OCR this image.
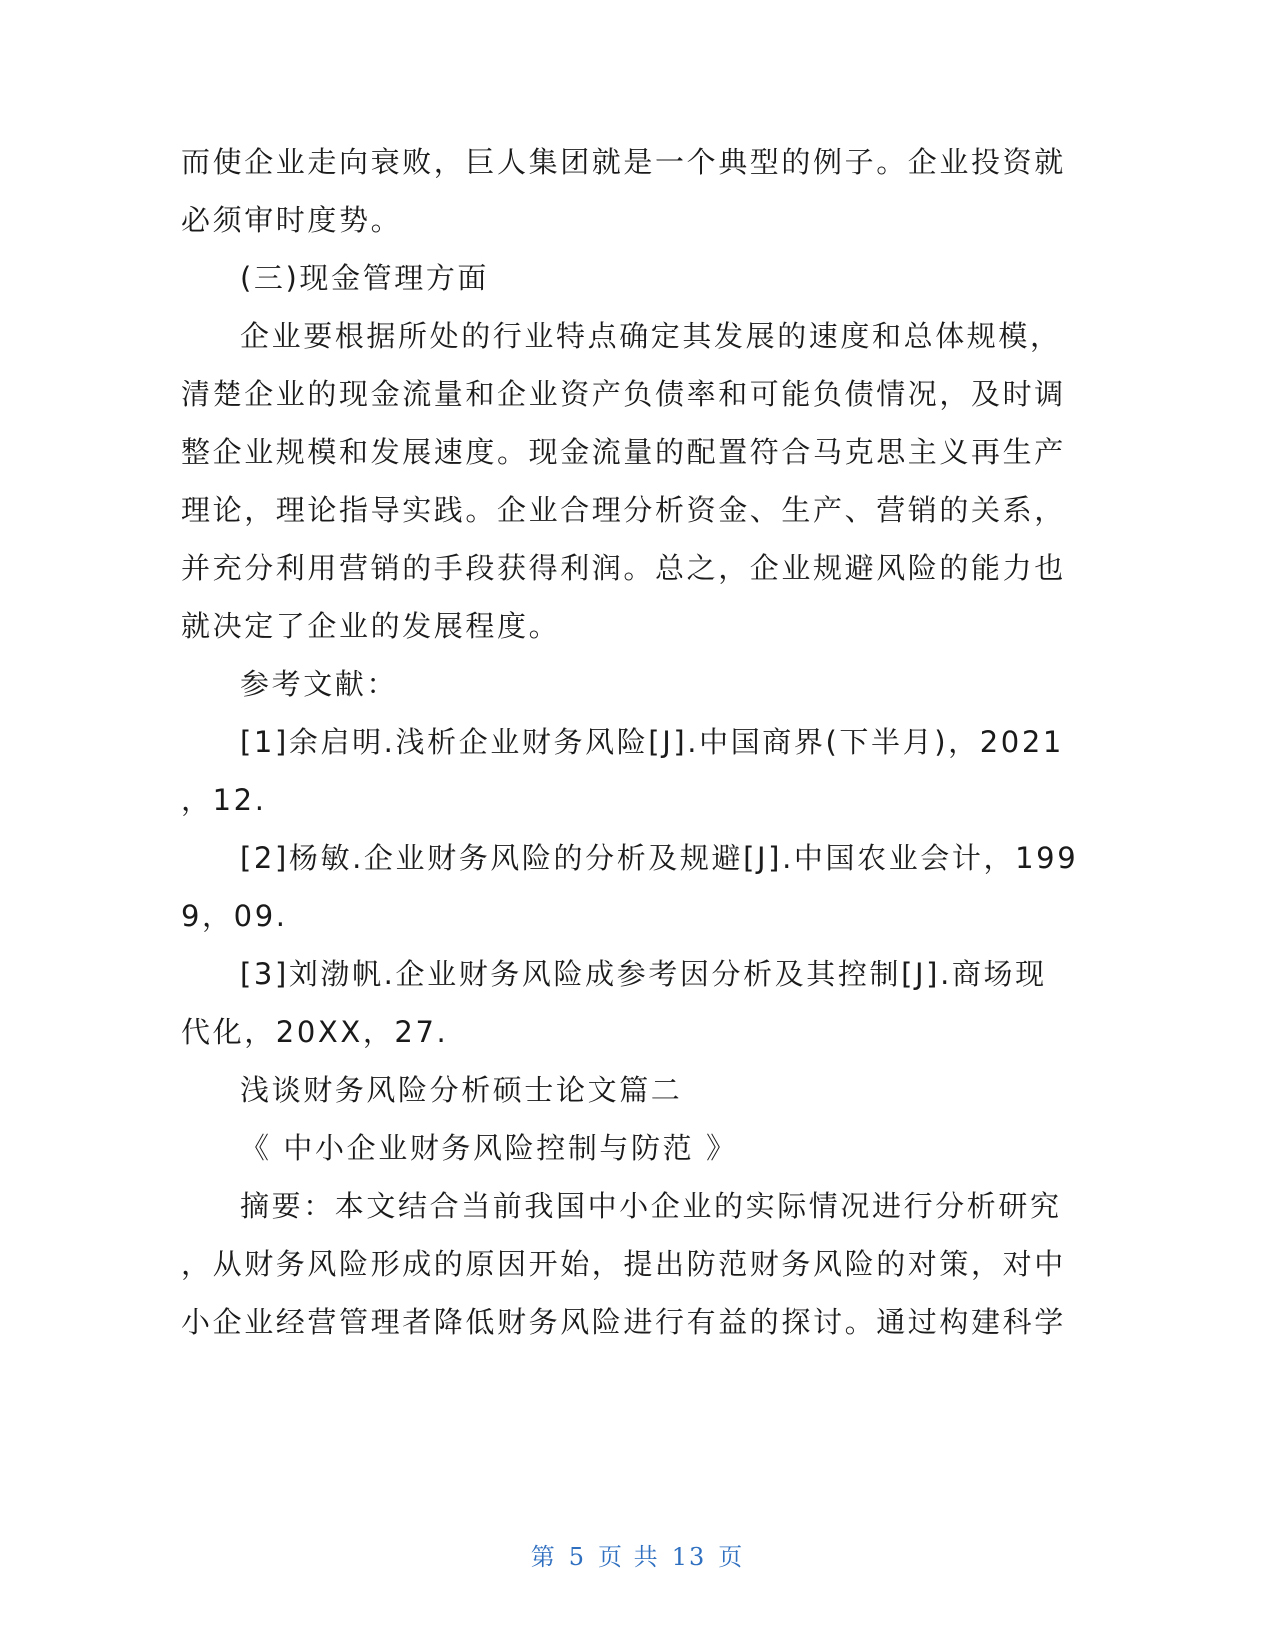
而使企业走向衰败，巨人集团就是一个典型的例子。企业投资就
必须审时度势。
(三)现金管理方面
企业要根据所处的行业特点确定其发展的速度和总体规模，
清楚企业的现金流量和企业资产负债率和可能负债情况，及时调
整企业规模和发展速度。现金流量的配置符合马克思主义再生产
理论，理论指导实践。企业合理分析资金、生产、营销的关系，
并充分利用营销的手段获得利润。总之，企业规避风险的能力也
就决定了企业的发展程度。
参考文献：
[1]余启明.浅析企业财务风险[J].中国商界(下半月)，2021
，12.
[2]杨敏.企业财务风险的分析及规避[J].中国农业会计，199
9，09.
[3]刘渤帆.企业财务风险成参考因分析及其控制[J].商场现
代化，20XX，27.
浅谈财务风险分析硕士论文篇二
《 中小企业财务风险控制与防范 》
摘要：本文结合当前我国中小企业的实际情况进行分析研究
，从财务风险形成的原因开始，提出防范财务风险的对策，对中
小企业经营管理者降低财务风险进行有益的探讨。通过构建科学
第 5 页 共 13 页
